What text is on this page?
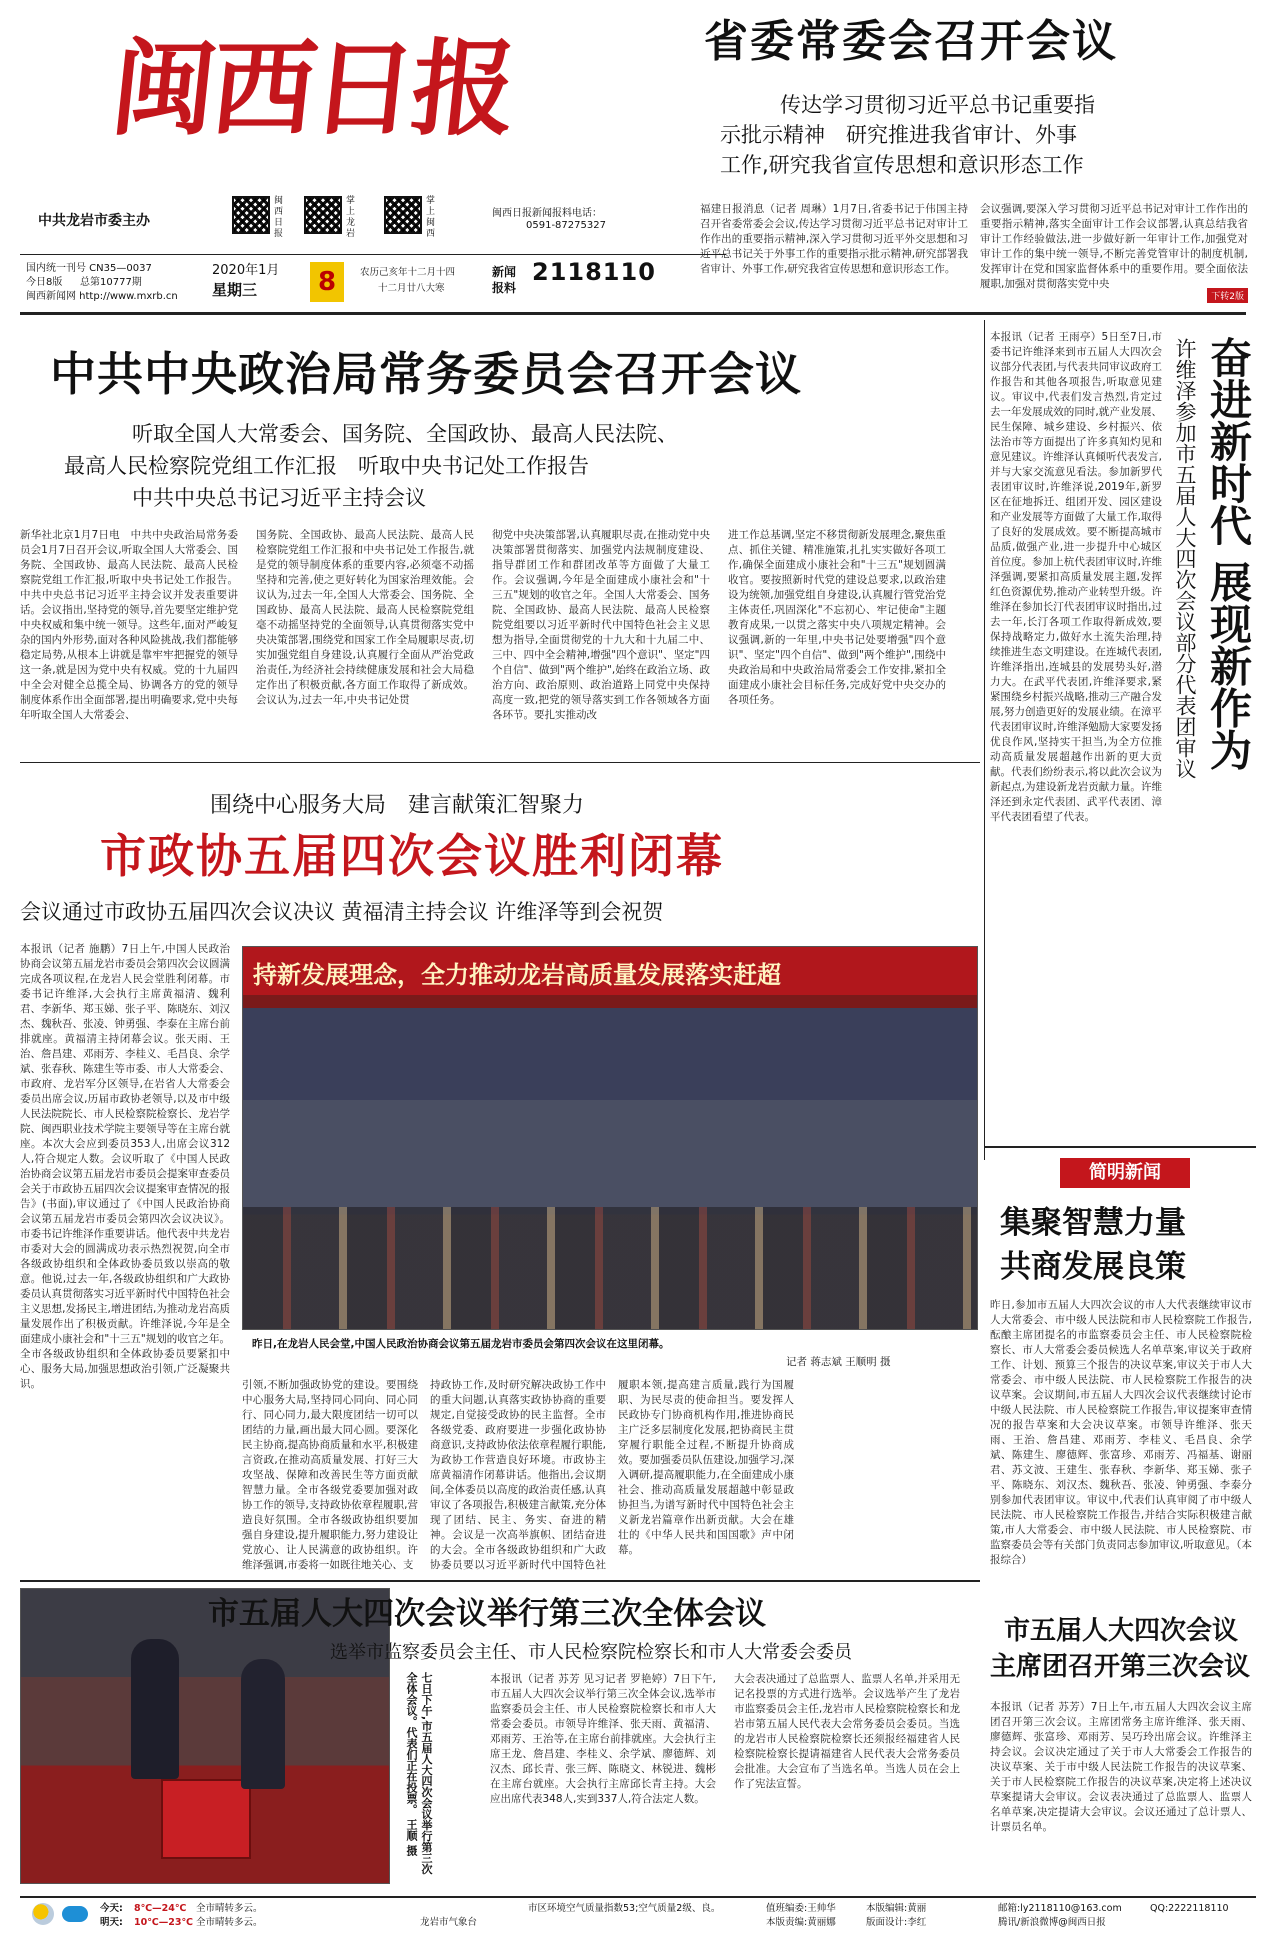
闽西日报
中共龙岩市委主办
闽西日报
掌上龙岩
掌上闽西
闽西日报新闻报料电话：
0591-87275327
国内统一刊号 CN35—0037
今日8版 总第10777期
闽西新闻网 http://www.mxrb.cn
2020年1月
星期三	8	农历己亥年十二月十四
十二月廿八大寒
新闻报料
2118110
省委常委会召开会议
传达学习贯彻习近平总书记重要指
示批示精神　研究推进我省审计、外事
工作,研究我省宣传思想和意识形态工作
福建日报消息（记者 周琳）1月7日,省委书记于伟国主持召开省委常委会会议,传达学习贯彻习近平总书记对审计工作作出的重要指示精神,深入学习贯彻习近平外交思想和习近平总书记关于外事工作的重要指示批示精神,研究部署我省审计、外事工作,研究我省宣传思想和意识形态工作。
会议强调,要深入学习贯彻习近平总书记对审计工作作出的重要指示精神,落实全面审计工作会议部署,认真总结我省审计工作经验做法,进一步做好新一年审计工作,加强党对审计工作的集中统一领导,不断完善党管审计的制度机制,发挥审计在党和国家监督体系中的重要作用。要全面依法履职,加强对贯彻落实党中央
下转2版
中共中央政治局常务委员会召开会议
听取全国人大常委会、国务院、全国政协、最高人民法院、
最高人民检察院党组工作汇报　听取中央书记处工作报告
中共中央总书记习近平主持会议
新华社北京1月7日电　中共中央政治局常务委员会1月7日召开会议,听取全国人大常委会、国务院、全国政协、最高人民法院、最高人民检察院党组工作汇报,听取中央书记处工作报告。中共中央总书记习近平主持会议并发表重要讲话。会议指出,坚持党的领导,首先要坚定维护党中央权威和集中统一领导。这些年,面对严峻复杂的国内外形势,面对各种风险挑战,我们都能够稳定局势,从根本上讲就是靠牢牢把握党的领导这一条,就是因为党中央有权威。党的十九届四中全会对健全总揽全局、协调各方的党的领导制度体系作出全面部署,提出明确要求,党中央每年听取全国人大常委会、
国务院、全国政协、最高人民法院、最高人民检察院党组工作汇报和中央书记处工作报告,就是党的领导制度体系的重要内容,必须毫不动摇坚持和完善,使之更好转化为国家治理效能。会议认为,过去一年,全国人大常委会、国务院、全国政协、最高人民法院、最高人民检察院党组毫不动摇坚持党的全面领导,认真贯彻落实党中央决策部署,围绕党和国家工作全局履职尽责,切实加强党组自身建设,认真履行全面从严治党政治责任,为经济社会持续健康发展和社会大局稳定作出了积极贡献,各方面工作取得了新成效。会议认为,过去一年,中央书记处贯
彻党中央决策部署,认真履职尽责,在推动党中央决策部署贯彻落实、加强党内法规制度建设、指导群团工作和群团改革等方面做了大量工作。会议强调,今年是全面建成小康社会和"十三五"规划的收官之年。全国人大常委会、国务院、全国政协、最高人民法院、最高人民检察院党组要以习近平新时代中国特色社会主义思想为指导,全面贯彻党的十九大和十九届二中、三中、四中全会精神,增强"四个意识"、坚定"四个自信"、做到"两个维护",始终在政治立场、政治方向、政治原则、政治道路上同党中央保持高度一致,把党的领导落实到工作各领域各方面各环节。要扎实推动改
进工作总基调,坚定不移贯彻新发展理念,聚焦重点、抓住关键、精准施策,扎扎实实做好各项工作,确保全面建成小康社会和"十三五"规划圆满收官。要按照新时代党的建设总要求,以政治建设为统领,加强党组自身建设,认真履行管党治党主体责任,巩固深化"不忘初心、牢记使命"主题教育成果,一以贯之落实中央八项规定精神。会议强调,新的一年里,中央书记处要增强"四个意识"、坚定"四个自信"、做到"两个维护",围绕中央政治局和中央政治局常委会工作安排,紧扣全面建成小康社会目标任务,完成好党中央交办的各项任务。	奋进新时代 展现新作为
许维泽参加市五届人大四次会议部分代表团审议
本报讯（记者 王雨亭）5日至7日,市委书记许维泽来到市五届人大四次会议部分代表团,与代表共同审议政府工作报告和其他各项报告,听取意见建议。审议中,代表们发言热烈,肯定过去一年发展成效的同时,就产业发展、民生保障、城乡建设、乡村振兴、依法治市等方面提出了许多真知灼见和意见建议。许维泽认真倾听代表发言,并与大家交流意见看法。参加新罗代表团审议时,许维泽说,2019年,新罗区在征地拆迁、组团开发、园区建设和产业发展等方面做了大量工作,取得了良好的发展成效。要不断提高城市品质,做强产业,进一步提升中心城区首位度。参加上杭代表团审议时,许维泽强调,要紧扣高质量发展主题,发挥红色资源优势,推动产业转型升级。许维泽在参加长汀代表团审议时指出,过去一年,长汀各项工作取得新成效,要保持战略定力,做好水土流失治理,持续推进生态文明建设。在连城代表团,许维泽指出,连城县的发展势头好,潜力大。在武平代表团,许维泽要求,紧紧围绕乡村振兴战略,推动三产融合发展,努力创造更好的发展业绩。在漳平代表团审议时,许维泽勉励大家要发扬优良作风,坚持实干担当,为全方位推动高质量发展超越作出新的更大贡献。代表们纷纷表示,将以此次会议为新起点,为建设新龙岩贡献力量。许维泽还到永定代表团、武平代表团、漳平代表团看望了代表。
围绕中心服务大局　建言献策汇智聚力
市政协五届四次会议胜利闭幕
会议通过市政协五届四次会议决议 黄福清主持会议 许维泽等到会祝贺
本报讯（记者 施鹏）7日上午,中国人民政治协商会议第五届龙岩市委员会第四次会议圆满完成各项议程,在龙岩人民会堂胜利闭幕。市委书记许维泽,大会执行主席黄福清、魏利君、李新华、郑玉娣、张子平、陈晓东、刘汉杰、魏秋吾、张凌、钟勇强、李泰在主席台前排就座。黄福清主持闭幕会议。张天雨、王治、詹昌建、邓雨芳、李桂义、毛昌良、余学斌、张春秋、陈建生等市委、市人大常委会、市政府、龙岩军分区领导,在岩省人大常委会委员出席会议,历届市政协老领导,以及市中级人民法院院长、市人民检察院检察长、龙岩学院、闽西职业技术学院主要领导等在主席台就座。本次大会应到委员353人,出席会议312人,符合规定人数。会议听取了《中国人民政治协商会议第五届龙岩市委员会提案审查委员会关于市政协五届四次会议提案审查情况的报告》(书面),审议通过了《中国人民政治协商会议第五届龙岩市委员会第四次会议决议》。市委书记许维泽作重要讲话。他代表中共龙岩市委对大会的圆满成功表示热烈祝贺,向全市各级政协组织和全体政协委员致以崇高的敬意。他说,过去一年,各级政协组织和广大政协委员认真贯彻落实习近平新时代中国特色社会主义思想,发扬民主,增进团结,为推动龙岩高质量发展作出了积极贡献。许维泽说,今年是全面建成小康社会和"十三五"规划的收官之年。全市各级政协组织和全体政协委员要紧扣中心、服务大局,加强思想政治引领,广泛凝聚共识。
持新发展理念，全力推动龙岩高质量发展落实赶超
昨日,在龙岩人民会堂,中国人民政治协商会议第五届龙岩市委员会第四次会议在这里闭幕。
记者 蒋志斌 王顺明 摄
引领,不断加强政协党的建设。要围绕中心服务大局,坚持同心同向、同心同行、同心同力,最大限度团结一切可以团结的力量,画出最大同心圆。要深化民主协商,提高协商质量和水平,积极建言资政,在推动高质量发展、打好三大攻坚战、保障和改善民生等方面贡献智慧力量。全市各级党委要加强对政协工作的领导,支持政协依章程履职,营造良好氛围。全市各级政协组织要加强自身建设,提升履职能力,努力建设让党放心、让人民满意的政协组织。许维泽强调,市委将一如既往地关心、支
持政协工作,及时研究解决政协工作中的重大问题,认真落实政协协商的重要规定,自觉接受政协的民主监督。全市各级党委、政府要进一步强化政协协商意识,支持政协依法依章程履行职能,为政协工作营造良好环境。市政协主席黄福清作闭幕讲话。他指出,会议期间,全体委员以高度的政治责任感,认真审议了各项报告,积极建言献策,充分体现了团结、民主、务实、奋进的精神。会议是一次高举旗帜、团结奋进的大会。全市各级政协组织和广大政协委员要以习近平新时代中国特色社
履职本领,提高建言质量,践行为国履职、为民尽责的使命担当。要发挥人民政协专门协商机构作用,推进协商民主广泛多层制度化发展,把协商民主贯穿履行职能全过程,不断提升协商成效。要加强委员队伍建设,加强学习,深入调研,提高履职能力,在全面建成小康社会、推动高质量发展超越中彰显政协担当,为谱写新时代中国特色社会主义新龙岩篇章作出新贡献。大会在雄壮的《中华人民共和国国歌》声中闭幕。
简明新闻
集聚智慧力量
共商发展良策
昨日,参加市五届人大四次会议的市人大代表继续审议市人大常委会、市中级人民法院和市人民检察院工作报告,酝酿主席团提名的市监察委员会主任、市人民检察院检察长、市人大常委会委员候选人名单草案,审议关于政府工作、计划、预算三个报告的决议草案,审议关于市人大常委会、市中级人民法院、市人民检察院工作报告的决议草案。会议期间,市五届人大四次会议代表继续讨论市中级人民法院、市人民检察院工作报告,审议提案审查情况的报告草案和大会决议草案。市领导许维泽、张天雨、王治、詹昌建、邓雨芳、李桂义、毛昌良、余学斌、陈建生、廖德辉、张富珍、邓雨芳、冯福基、谢丽君、苏文波、王建生、张春秋、李新华、郑玉娣、张子平、陈晓东、刘汉杰、魏秋吾、张凌、钟勇强、李泰分别参加代表团审议。审议中,代表们认真审阅了市中级人民法院、市人民检察院工作报告,并结合实际积极建言献策,市人大常委会、市中级人民法院、市人民检察院、市监察委员会等有关部门负责同志参加审议,听取意见。（本报综合）
七日下午,市五届人大四次会议举行第三次全体会议。代表们正在投票。 王顺 摄
市五届人大四次会议举行第三次全体会议
选举市监察委员会主任、市人民检察院检察长和市人大常委会委员
本报讯（记者 苏芳 见习记者 罗艳婷）7日下午,市五届人大四次会议举行第三次全体会议,选举市监察委员会主任、市人民检察院检察长和市人大常委会委员。市领导许维泽、张天雨、黄福清、邓雨芳、王治等,在主席台前排就座。大会执行主席王龙、詹昌建、李桂义、余学斌、廖德辉、刘汉杰、邱长青、张三辉、陈晓文、林锐进、魏彬在主席台就座。大会执行主席邱长青主持。大会应出席代表348人,实到337人,符合法定人数。
大会表决通过了总监票人、监票人名单,并采用无记名投票的方式进行选举。会议选举产生了龙岩市监察委员会主任,龙岩市人民检察院检察长和龙岩市第五届人民代表大会常务委员会委员。当选的龙岩市人民检察院检察长还须报经福建省人民检察院检察长提请福建省人民代表大会常务委员会批准。大会宣布了当选名单。当选人员在会上作了宪法宣誓。
市五届人大四次会议
主席团召开第三次会议
本报讯（记者 苏芳）7日上午,市五届人大四次会议主席团召开第三次会议。主席团常务主席许维泽、张天雨、廖德辉、张富珍、邓雨芳、吴巧玲出席会议。许维泽主持会议。会议决定通过了关于市人大常委会工作报告的决议草案、关于市中级人民法院工作报告的决议草案、关于市人民检察院工作报告的决议草案,决定将上述决议草案提请大会审议。会议表决通过了总监票人、监票人名单草案,决定提请大会审议。会议还通过了总计票人、计票员名单。
今天: 8℃—24℃ 全市晴转多云。
明天: 10℃—23℃ 全市晴转多云。	龙岩市气象台
市区环境空气质量指数53;空气质量2级、良。	值班编委:王帅华
本版责编:黄丽娜
本版编辑:黄丽
版面设计:李红
邮箱:ly2118110@163.com	QQ:2222118110
腾讯/新浪微博@闽西日报
